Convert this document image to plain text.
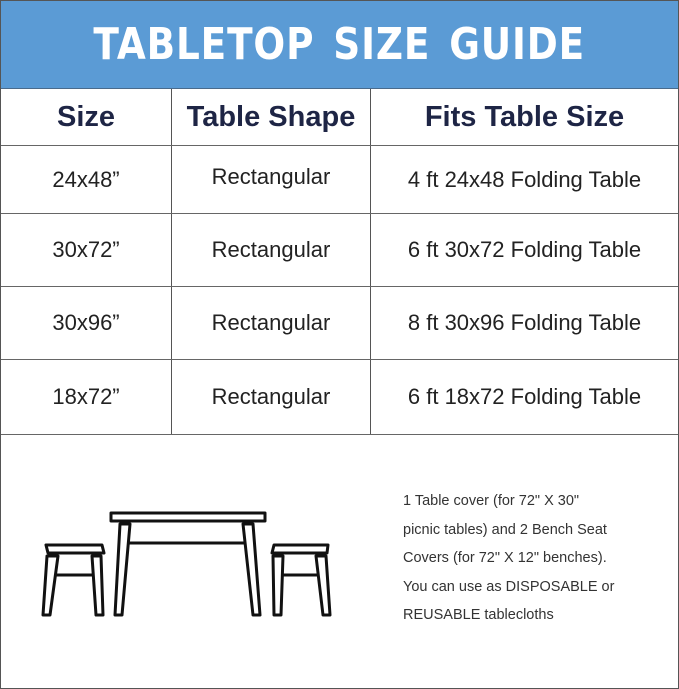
TABLETOP SIZE GUIDE
Size	Table Shape	Fits Table Size
24x48”	Rectangular	4 ft 24x48 Folding Table
30x72”	Rectangular	6 ft 30x72 Folding Table
30x96”	Rectangular	8 ft 30x96 Folding Table
18x72”	Rectangular	6 ft 18x72 Folding Table
1 Table cover (for 72" X 30"
picnic tables) and 2 Bench Seat
Covers (for 72" X 12" benches).
You can use as DISPOSABLE or
REUSABLE tablecloths
